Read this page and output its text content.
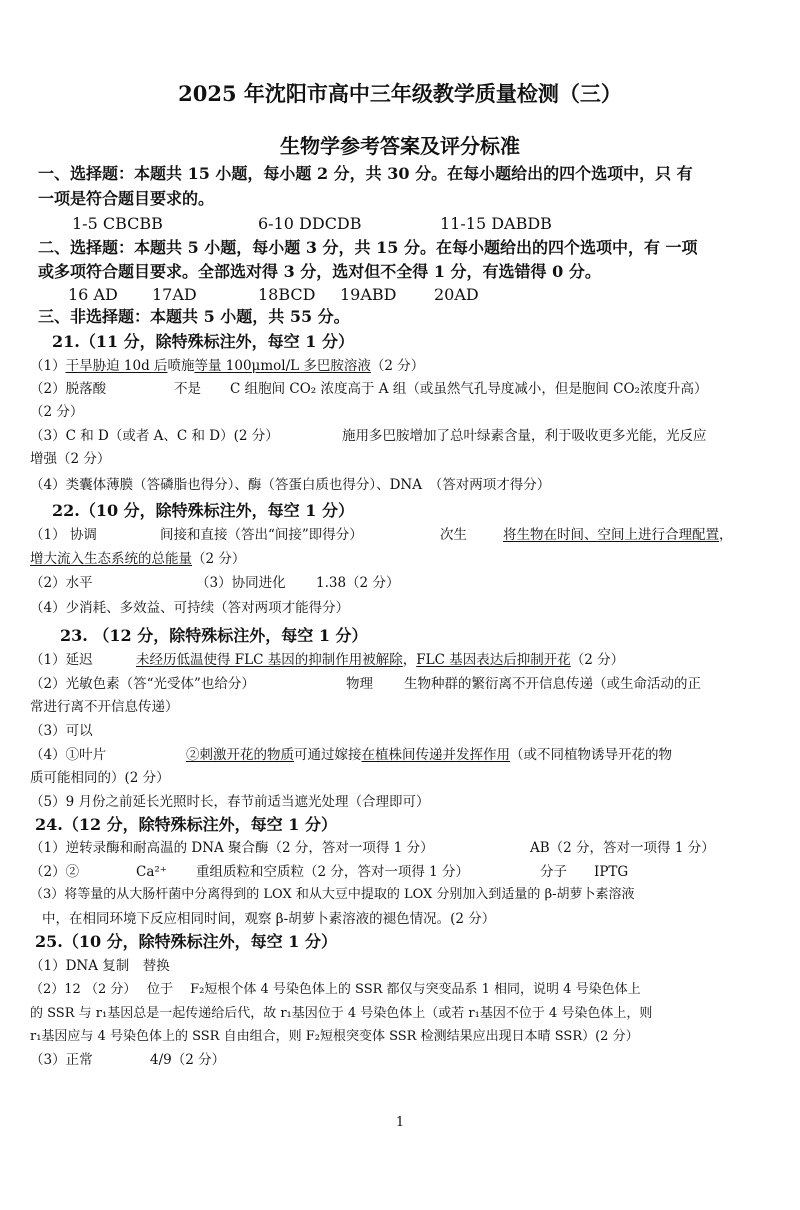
2025 年沈阳市高中三年级教学质量检测（三）
生物学参考答案及评分标准
一、选择题：本题共 15 小题，每小题 2 分，共 30 分。在每小题给出的四个选项中，只 有
一项是符合题目要求的。
1-5 CBCBB	6-10 DDCDB	11-15 DABDB
二、选择题：本题共 5 小题，每小题 3 分，共 15 分。在每小题给出的四个选项中，有 一项
或多项符合题目要求。全部选对得 3 分，选对但不全得 1 分，有选错得 0 分。
16 AD 17AD	18BCD 19ABD 20AD
三、非选择题：本题共 5 小题，共 55 分。
21.（11 分，除特殊标注外，每空 1 分）
（1）干旱胁迫 10d 后喷施等量 100μmol/L 多巴胺溶液（2 分）
（2）脱落酸	不是 C 组胞间 CO₂ 浓度高于 A 组（或虽然气孔导度减小，但是胞间 CO₂浓度升高）
（2 分）
（3）C 和 D（或者 A、C 和 D）(2 分）	施用多巴胺增加了总叶绿素含量，利于吸收更多光能，光反应
增强（2 分）
（4）类囊体薄膜（答磷脂也得分）、酶（答蛋白质也得分）、DNA　（答对两项才得分）
22.（10 分，除特殊标注外，每空 1 分）
（1） 协调	间接和直接（答出“间接”即得分）	次生	将生物在时间、空间上进行合理配置，
增大流入生态系统的总能量（2 分）
（2）水平	（3）协同进化 1.38（2 分）
（4）少消耗、多效益、可持续（答对两项才能得分）
23. （12 分，除特殊标注外，每空 1 分）
（1）延迟	未经历低温使得 FLC 基因的抑制作用被解除，FLC 基因表达后抑制开花（2 分）
（2）光敏色素（答“光受体”也给分）	物理 生物种群的繁衍离不开信息传递（或生命活动的正
常进行离不开信息传递）
（3）可以
（4）①叶片	②刺激开花的物质可通过嫁接在植株间传递并发挥作用（或不同植物诱导开花的物
质可能相同的）(2 分）
（5）9 月份之前延长光照时长，春节前适当遮光处理（合理即可）
24.（12 分，除特殊标注外，每空 1 分）
（1）逆转录酶和耐高温的 DNA 聚合酶（2 分，答对一项得 1 分）	AB（2 分，答对一项得 1 分）
（2）②	Ca²⁺ 重组质粒和空质粒（2 分，答对一项得 1 分）	分子 IPTG
（3）将等量的从大肠杆菌中分离得到的 LOX 和从大豆中提取的 LOX 分别加入到适量的 β-胡萝卜素溶液
中，在相同环境下反应相同时间，观察 β-胡萝卜素溶液的褪色情况。(2 分）
25.（10 分，除特殊标注外，每空 1 分）
（1）DNA 复制　替换
（2）12 （2 分）　 位于　 F₂短根个体 4 号染色体上的 SSR 都仅与突变品系 1 相同，说明 4 号染色体上
的 SSR 与 r₁基因总是一起传递给后代，故 r₁基因位于 4 号染色体上（或若 r₁基因不位于 4 号染色体上，则
r₁基因应与 4 号染色体上的 SSR 自由组合，则 F₂短根突变体 SSR 检测结果应出现日本晴 SSR）(2 分）
（3）正常	4/9（2 分）
1
